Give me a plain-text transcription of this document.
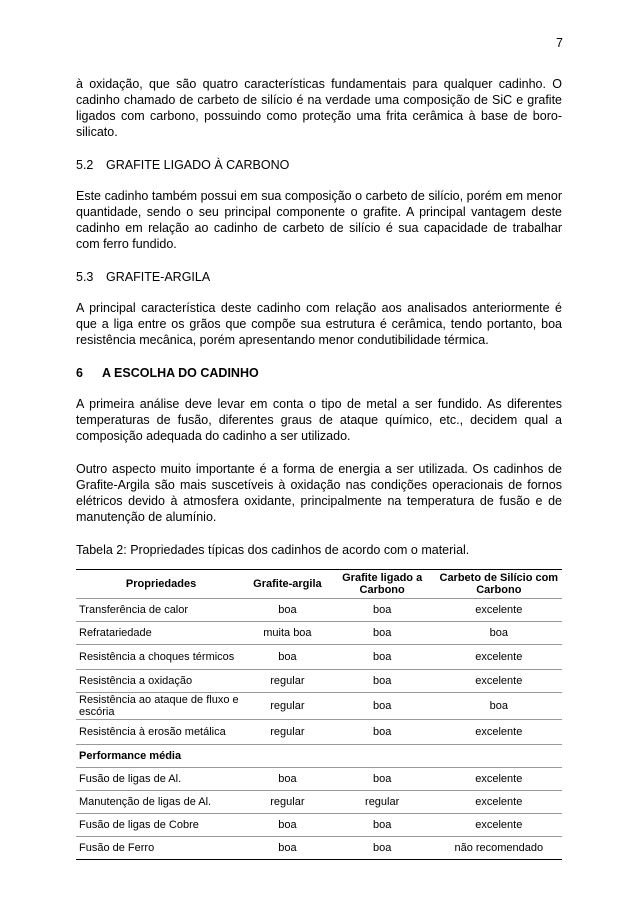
7

à oxidação, que são quatro características fundamentais para qualquer cadinho. O cadinho chamado de carbeto de silício é na verdade uma composição de SiC e grafite ligados com carbono, possuindo como proteção uma frita cerâmica à base de boro-silicato.

5.2	GRAFITE LIGADO À CARBONO

Este cadinho também possui em sua composição o carbeto de silício, porém em menor quantidade, sendo o seu principal componente o grafite. A principal vantagem deste cadinho em relação ao cadinho de carbeto de silício é sua capacidade de trabalhar com ferro fundido.

5.3	GRAFITE-ARGILA

A principal característica deste cadinho com relação aos analisados anteriormente é que a liga entre os grãos que compõe sua estrutura é cerâmica, tendo portanto, boa resistência mecânica, porém apresentando menor condutibilidade térmica.

6	A ESCOLHA DO CADINHO

A primeira análise deve levar em conta o tipo de metal a ser fundido. As diferentes temperaturas de fusão, diferentes graus de ataque químico, etc., decidem qual a composição adequada do cadinho a ser utilizado.

Outro aspecto muito importante é a forma de energia a ser utilizada. Os cadinhos de Grafite-Argila são mais suscetíveis à oxidação nas condições operacionais de fornos elétricos devido à atmosfera oxidante, principalmente na temperatura de fusão e de manutenção de alumínio.

Tabela 2: Propriedades típicas dos cadinhos de acordo com o material.
Propriedades	Grafite-argila	Grafite ligado a Carbono	Carbeto de Silício com Carbono
Transferência de calor	boa	boa	excelente
Refratariedade	muita boa	boa	boa
Resistência a choques térmicos	boa	boa	excelente
Resistência a oxidação	regular	boa	excelente
Resistência ao ataque de fluxo e escória	regular	boa	boa
Resistência à erosão metálica	regular	boa	excelente
Performance média			
Fusão de ligas de Al.	boa	boa	excelente
Manutenção de ligas de Al.	regular	regular	excelente
Fusão de ligas de Cobre	boa	boa	excelente
Fusão de Ferro	boa	boa	não recomendado
